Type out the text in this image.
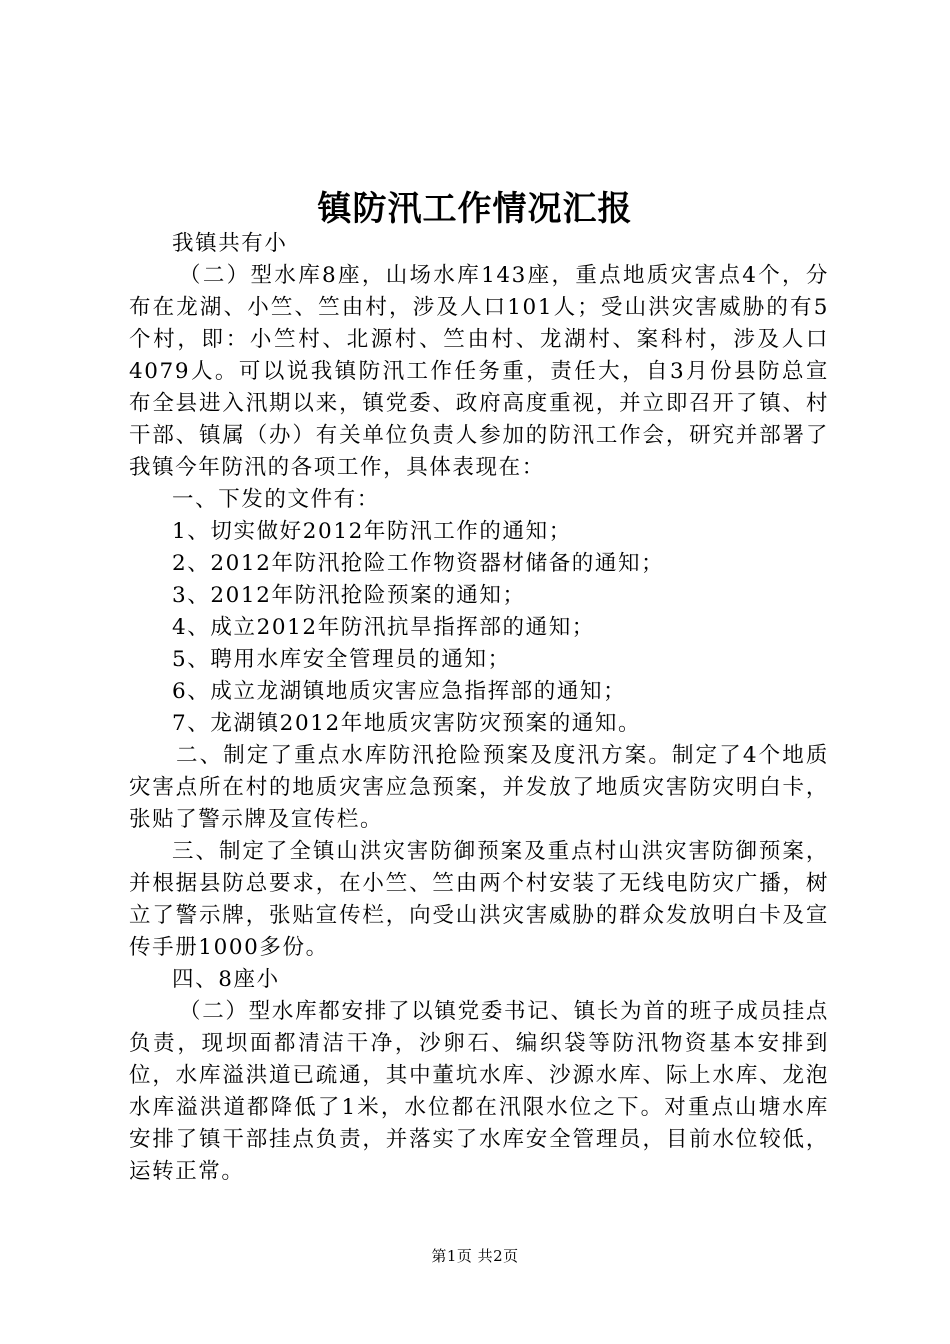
镇防汛工作情况汇报

我镇共有小

（二）型水库8座，山场水库143座，重点地质灾害点4个，分布在龙湖、小竺、竺由村，涉及人口101人；受山洪灾害威胁的有5个村，即：小竺村、北源村、竺由村、龙湖村、案科村，涉及人口4079人。可以说我镇防汛工作任务重，责任大，自3月份县防总宣布全县进入汛期以来，镇党委、政府高度重视，并立即召开了镇、村干部、镇属（办）有关单位负责人参加的防汛工作会，研究并部署了我镇今年防汛的各项工作，具体表现在：

一、下发的文件有：

1、切实做好2012年防汛工作的通知；

2、2012年防汛抢险工作物资器材储备的通知；

3、2012年防汛抢险预案的通知；

4、成立2012年防汛抗旱指挥部的通知；

5、聘用水库安全管理员的通知；

6、成立龙湖镇地质灾害应急指挥部的通知；

7、龙湖镇2012年地质灾害防灾预案的通知。

二、制定了重点水库防汛抢险预案及度汛方案。制定了4个地质灾害点所在村的地质灾害应急预案，并发放了地质灾害防灾明白卡，张贴了警示牌及宣传栏。

三、制定了全镇山洪灾害防御预案及重点村山洪灾害防御预案，并根据县防总要求，在小竺、竺由两个村安装了无线电防灾广播，树立了警示牌，张贴宣传栏，向受山洪灾害威胁的群众发放明白卡及宣传手册1000多份。

四、8座小

（二）型水库都安排了以镇党委书记、镇长为首的班子成员挂点负责，现坝面都清洁干净，沙卵石、编织袋等防汛物资基本安排到位，水库溢洪道已疏通，其中董坑水库、沙源水库、际上水库、龙泡水库溢洪道都降低了1米，水位都在汛限水位之下。对重点山塘水库安排了镇干部挂点负责，并落实了水库安全管理员，目前水位较低，运转正常。

第1页 共2页
